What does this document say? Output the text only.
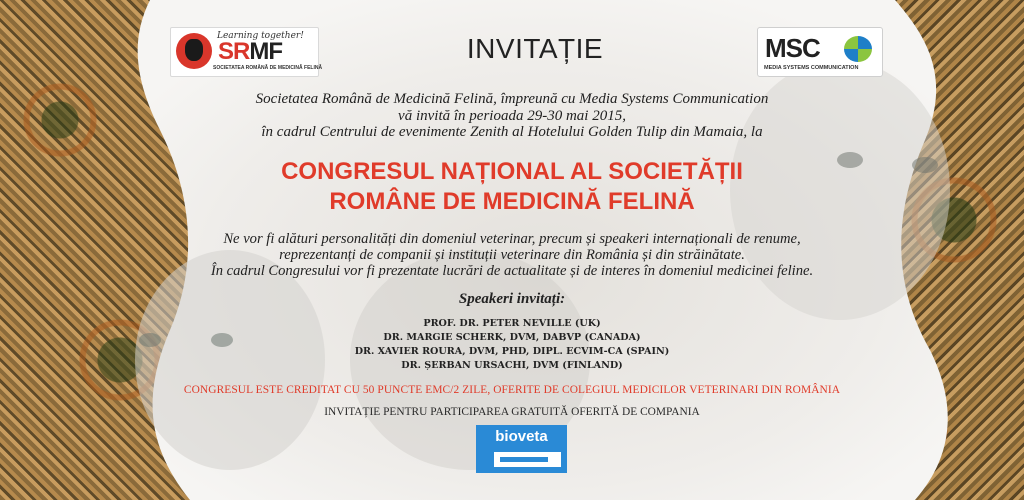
Learning together!
SRMF
SOCIETATEA ROMÂNĂ DE MEDICINĂ FELINĂ
INVITAȚIE	MSC
MEDIA SYSTEMS COMMUNICATION
Societatea Română de Medicină Felină, împreună cu Media Systems Communication
vă invită în perioada 29-30 mai 2015,
în cadrul Centrului de evenimente Zenith al Hotelului Golden Tulip din Mamaia, la
CONGRESUL NAȚIONAL AL SOCIETĂȚII
ROMÂNE DE MEDICINĂ FELINĂ
Ne vor fi alături personalități din domeniul veterinar, precum și speakeri internaționali de renume,
reprezentanți de companii și instituții veterinare din România și din străinătate.
În cadrul Congresului vor fi prezentate lucrări de actualitate și de interes în domeniul medicinei feline.
Speakeri invitați:
PROF. DR. PETER NEVILLE (UK)
DR. MARGIE SCHERK, DVM, DABVP (CANADA)
DR. XAVIER ROURA, DVM, PHD, DIPL. ECVIM-CA (SPAIN)
DR. ȘERBAN URSACHI, DVM (FINLAND)
CONGRESUL ESTE CREDITAT CU 50 PUNCTE EMC/2 ZILE, OFERITE DE COLEGIUL MEDICILOR VETERINARI DIN ROMÂNIA
INVITAȚIE PENTRU PARTICIPAREA GRATUITĂ OFERITĂ DE COMPANIA
bioveta
